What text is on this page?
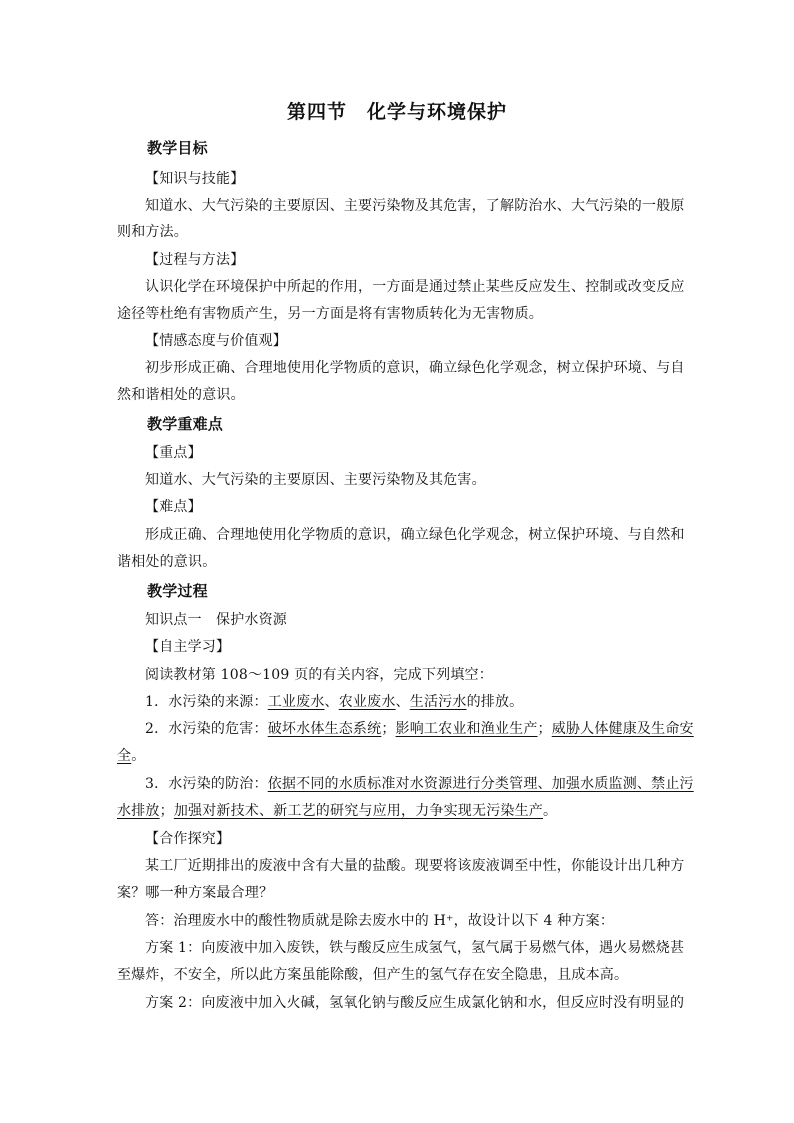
第四节　化学与环境保护
教学目标
【知识与技能】
知道水、大气污染的主要原因、主要污染物及其危害，了解防治水、大气污染的一般原
则和方法。
【过程与方法】
认识化学在环境保护中所起的作用，一方面是通过禁止某些反应发生、控制或改变反应
途径等杜绝有害物质产生，另一方面是将有害物质转化为无害物质。
【情感态度与价值观】
初步形成正确、合理地使用化学物质的意识，确立绿色化学观念，树立保护环境、与自
然和谐相处的意识。
教学重难点
【重点】
知道水、大气污染的主要原因、主要污染物及其危害。
【难点】
形成正确、合理地使用化学物质的意识，确立绿色化学观念，树立保护环境、与自然和
谐相处的意识。
教学过程
知识点一　保护水资源
【自主学习】
阅读教材第 108～109 页的有关内容，完成下列填空：
1．水污染的来源：工业废水、农业废水、生活污水的排放。
2．水污染的危害：破坏水体生态系统；影响工农业和渔业生产；威胁人体健康及生命安
全。
3．水污染的防治：依据不同的水质标准对水资源进行分类管理、加强水质监测、禁止污
水排放；加强对新技术、新工艺的研究与应用，力争实现无污染生产。
【合作探究】
某工厂近期排出的废液中含有大量的盐酸。现要将该废液调至中性，你能设计出几种方
案？哪一种方案最合理？
答：治理废水中的酸性物质就是除去废水中的 H⁺，故设计以下 4 种方案：
方案 1：向废液中加入废铁，铁与酸反应生成氢气，氢气属于易燃气体，遇火易燃烧甚
至爆炸，不安全，所以此方案虽能除酸，但产生的氢气存在安全隐患，且成本高。
方案 2：向废液中加入火碱，氢氧化钠与酸反应生成氯化钠和水，但反应时没有明显的
